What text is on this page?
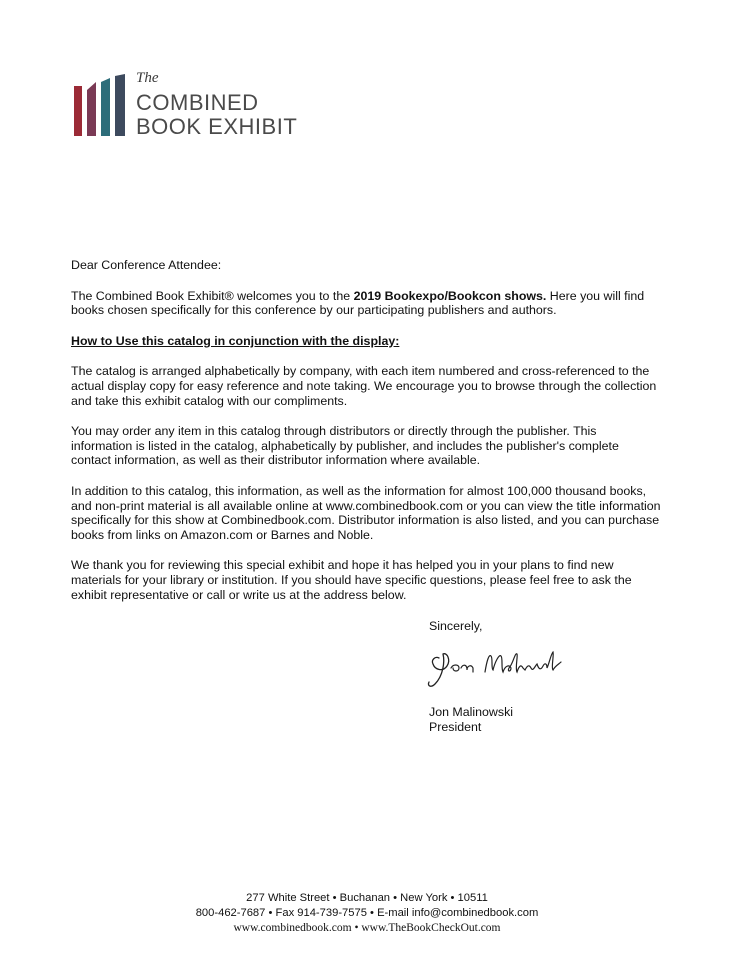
The
COMBINED
BOOK EXHIBIT

Dear Conference Attendee:

The Combined Book Exhibit® welcomes you to the 2019 Bookexpo/Bookcon shows. Here you will find books chosen specifically for this conference by our participating publishers and authors.

How to Use this catalog in conjunction with the display:

The catalog is arranged alphabetically by company, with each item numbered and cross-referenced to the actual display copy for easy reference and note taking. We encourage you to browse through the collection and take this exhibit catalog with our compliments.

You may order any item in this catalog through distributors or directly through the publisher. This information is listed in the catalog, alphabetically by publisher, and includes the publisher's complete contact information, as well as their distributor information where available.

In addition to this catalog, this information, as well as the information for almost 100,000 thousand books, and non-print material is all available online at www.combinedbook.com or you can view the title information specifically for this show at Combinedbook.com. Distributor information is also listed, and you can purchase books from links on Amazon.com or Barnes and Noble.

We thank you for reviewing this special exhibit and hope it has helped you in your plans to find new materials for your library or institution. If you should have specific questions, please feel free to ask the exhibit representative or call or write us at the address below.

Sincerely,
Jon Malinowski
President
277 White Street • Buchanan • New York • 10511
800-462-7687 • Fax 914-739-7575 • E-mail info@combinedbook.com
www.combinedbook.com • www.TheBookCheckOut.com
